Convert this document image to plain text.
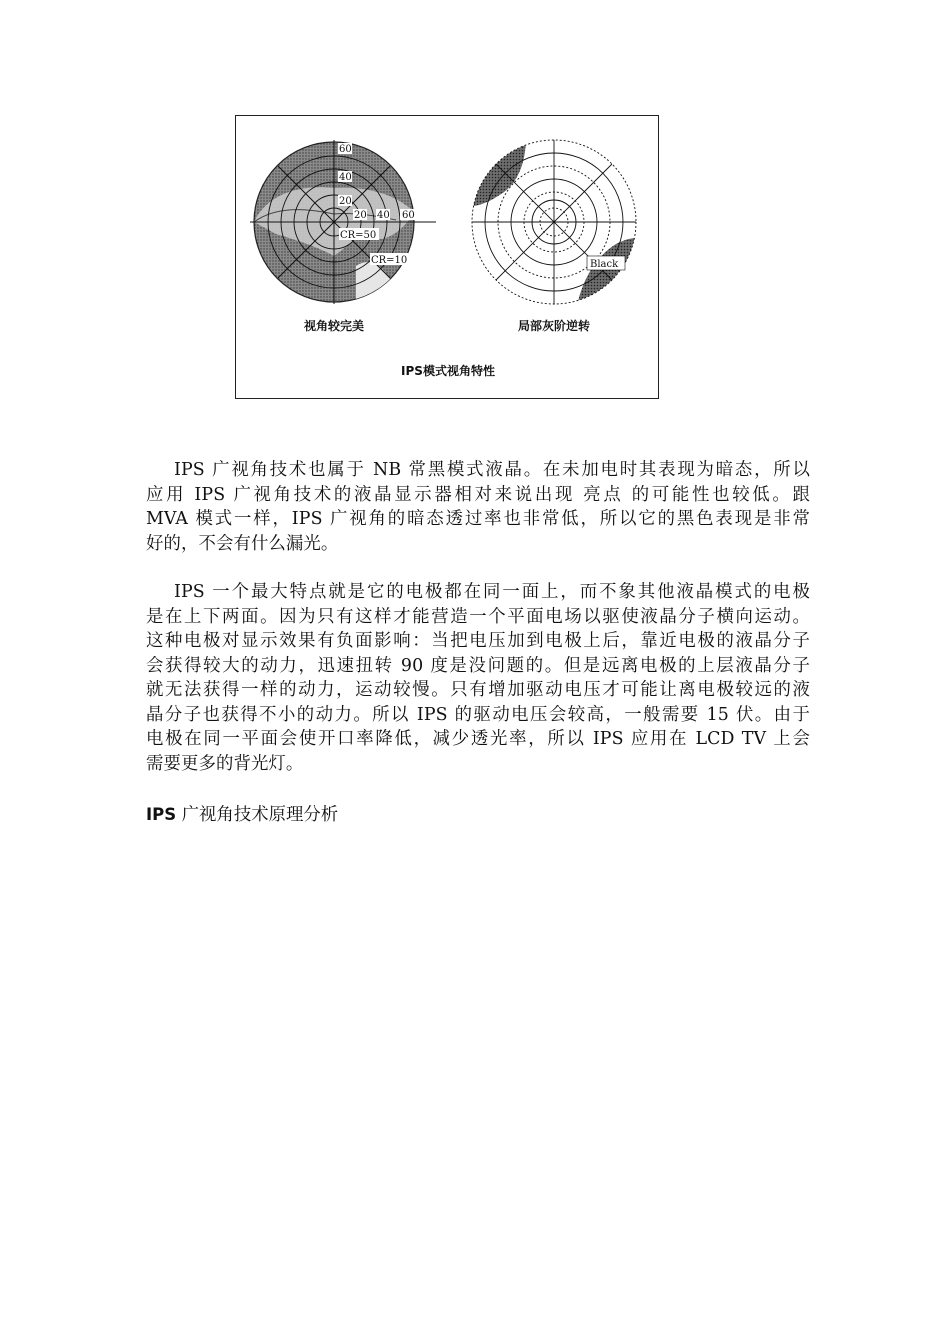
60
40
20
20 40 60
CR=50
CR=10
视角较完美
Black
局部灰阶逆转
IPS模式视角特性
IPS 广视角技术也属于 NB 常黑模式液晶。在未加电时其表现为暗态，所以
应用 IPS 广视角技术的液晶显示器相对来说出现 亮点 的可能性也较低。跟
MVA 模式一样，IPS 广视角的暗态透过率也非常低，所以它的黑色表现是非常
好的，不会有什么漏光。
IPS 一个最大特点就是它的电极都在同一面上，而不象其他液晶模式的电极
是在上下两面。因为只有这样才能营造一个平面电场以驱使液晶分子横向运动。
这种电极对显示效果有负面影响：当把电压加到电极上后，靠近电极的液晶分子
会获得较大的动力，迅速扭转 90 度是没问题的。但是远离电极的上层液晶分子
就无法获得一样的动力，运动较慢。只有增加驱动电压才可能让离电极较远的液
晶分子也获得不小的动力。所以 IPS 的驱动电压会较高，一般需要 15 伏。由于
电极在同一平面会使开口率降低，减少透光率，所以 IPS 应用在 LCD TV 上会
需要更多的背光灯。

IPS 广视角技术原理分析
